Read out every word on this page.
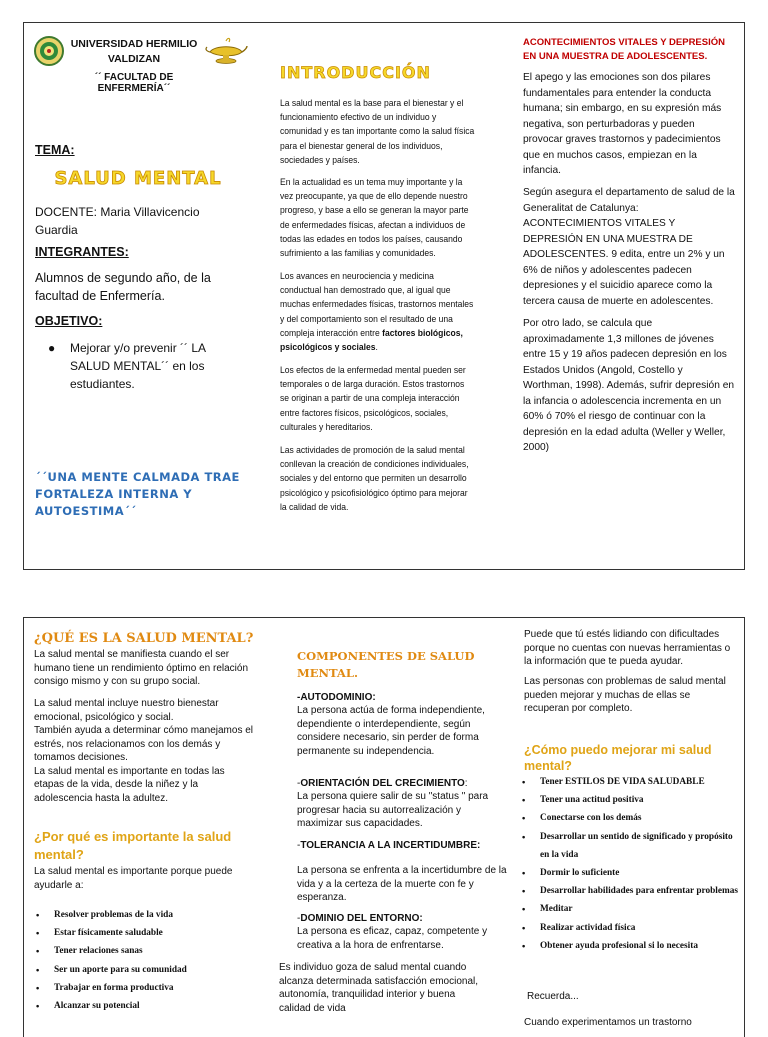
UNIVERSIDAD HERMILIO VALDIZAN
´´ FACULTAD DE ENFERMERÍA´´
TEMA:
SALUD MENTAL
DOCENTE: Maria Villavicencio Guardia
INTEGRANTES:
Alumnos de segundo año, de la facultad de Enfermería.
OBJETIVO:
●	Mejorar y/o prevenir ´´ LA SALUD MENTAL´´ en los estudiantes.
´´UNA MENTE CALMADA TRAE FORTALEZA INTERNA Y AUTOESTIMA´´
INTRODUCCIÓN
La salud mental es la base para el bienestar y el funcionamiento efectivo de un individuo y comunidad y es tan importante como la salud física para el bienestar general de los individuos, sociedades y países.
En la actualidad es un tema muy importante y la vez preocupante, ya que de ello depende nuestro progreso, y base a ello se generan la mayor parte de enfermedades físicas, afectan a individuos de todas las edades en todos los países, causando sufrimiento a las familias y comunidades.
Los avances en neurociencia y medicina conductual han demostrado que, al igual que muchas enfermedades físicas, trastornos mentales y del comportamiento son el resultado de una compleja interacción entre factores biológicos, psicológicos y sociales.
Los efectos de la enfermedad mental pueden ser temporales o de larga duración. Estos trastornos se originan a partir de una compleja interacción entre factores físicos, psicológicos, sociales, culturales y hereditarios.
Las actividades de promoción de la salud mental conllevan la creación de condiciones individuales, sociales y del entorno que permiten un desarrollo psicológico y psicofisiológico óptimo para mejorar la calidad de vida.
ACONTECIMIENTOS VITALES Y DEPRESIÓN EN UNA MUESTRA DE ADOLESCENTES.
El apego y las emociones son dos pilares fundamentales para entender la conducta humana; sin embargo, en su expresión más negativa, son perturbadoras y pueden provocar graves trastornos y padecimientos que en muchos casos, empiezan en la infancia.
Según asegura el departamento de salud de la Generalitat de Catalunya: ACONTECIMIENTOS VITALES Y DEPRESIÓN EN UNA MUESTRA DE ADOLESCENTES. 9 edita, entre un 2% y un 6% de niños y adolescentes padecen depresiones y el suicidio aparece como la tercera causa de muerte en adolescentes.
Por otro lado, se calcula que aproximadamente 1,3 millones de jóvenes entre 15 y 19 años padecen depresión en los Estados Unidos (Angold, Costello y Worthman, 1998). Además, sufrir depresión en la infancia o adolescencia incrementa en un 60% ó 70% el riesgo de continuar con la depresión en la edad adulta (Weller y Weller, 2000)
¿QUÉ ES LA SALUD MENTAL?
La salud mental se manifiesta cuando el ser humano tiene un rendimiento óptimo en relación consigo mismo y con su grupo social.
La salud mental incluye nuestro bienestar emocional, psicológico y social.
También ayuda a determinar cómo manejamos el estrés, nos relacionamos con los demás y tomamos decisiones.
La salud mental es importante en todas las etapas de la vida, desde la niñez y la adolescencia hasta la adultez.
¿Por qué es importante la salud mental?
La salud mental es importante porque puede ayudarle a:
• Resolver problemas de la vida
• Estar físicamente saludable
• Tener relaciones sanas
• Ser un aporte para su comunidad
• Trabajar en forma productiva
• Alcanzar su potencial
COMPONENTES DE SALUD MENTAL.
-AUTODOMINIO:
La persona actúa de forma independiente, dependiente o interdependiente, según considere necesario, sin perder de forma permanente su independencia.
-ORIENTACIÓN DEL CRECIMIENTO:
La persona quiere salir de su "status " para progresar hacia su autorrealización y maximizar sus capacidades.
-TOLERANCIA A LA INCERTIDUMBRE:
La persona se enfrenta a la incertidumbre de la vida y a la certeza de la muerte con fe y esperanza.
-DOMINIO DEL ENTORNO:
La persona es eficaz, capaz, competente y creativa a la hora de enfrentarse.
Es individuo goza de salud mental cuando alcanza determinada satisfacción emocional, autonomía, tranquilidad interior y buena calidad de vida
Puede que tú estés lidiando con dificultades porque no cuentas con nuevas herramientas o la información que te pueda ayudar.
Las personas con problemas de salud mental pueden mejorar y muchas de ellas se recuperan por completo.
¿Cómo puedo mejorar mi salud mental?
• Tener ESTILOS DE VIDA SALUDABLE
• Tener una actitud positiva
• Conectarse con los demás
• Desarrollar un sentido de significado y propósito en la vida
• Dormir lo suficiente
• Desarrollar habilidades para enfrentar problemas
• Meditar
• Realizar actividad física
• Obtener ayuda profesional si lo necesita
Recuerda...
Cuando experimentamos un trastorno
